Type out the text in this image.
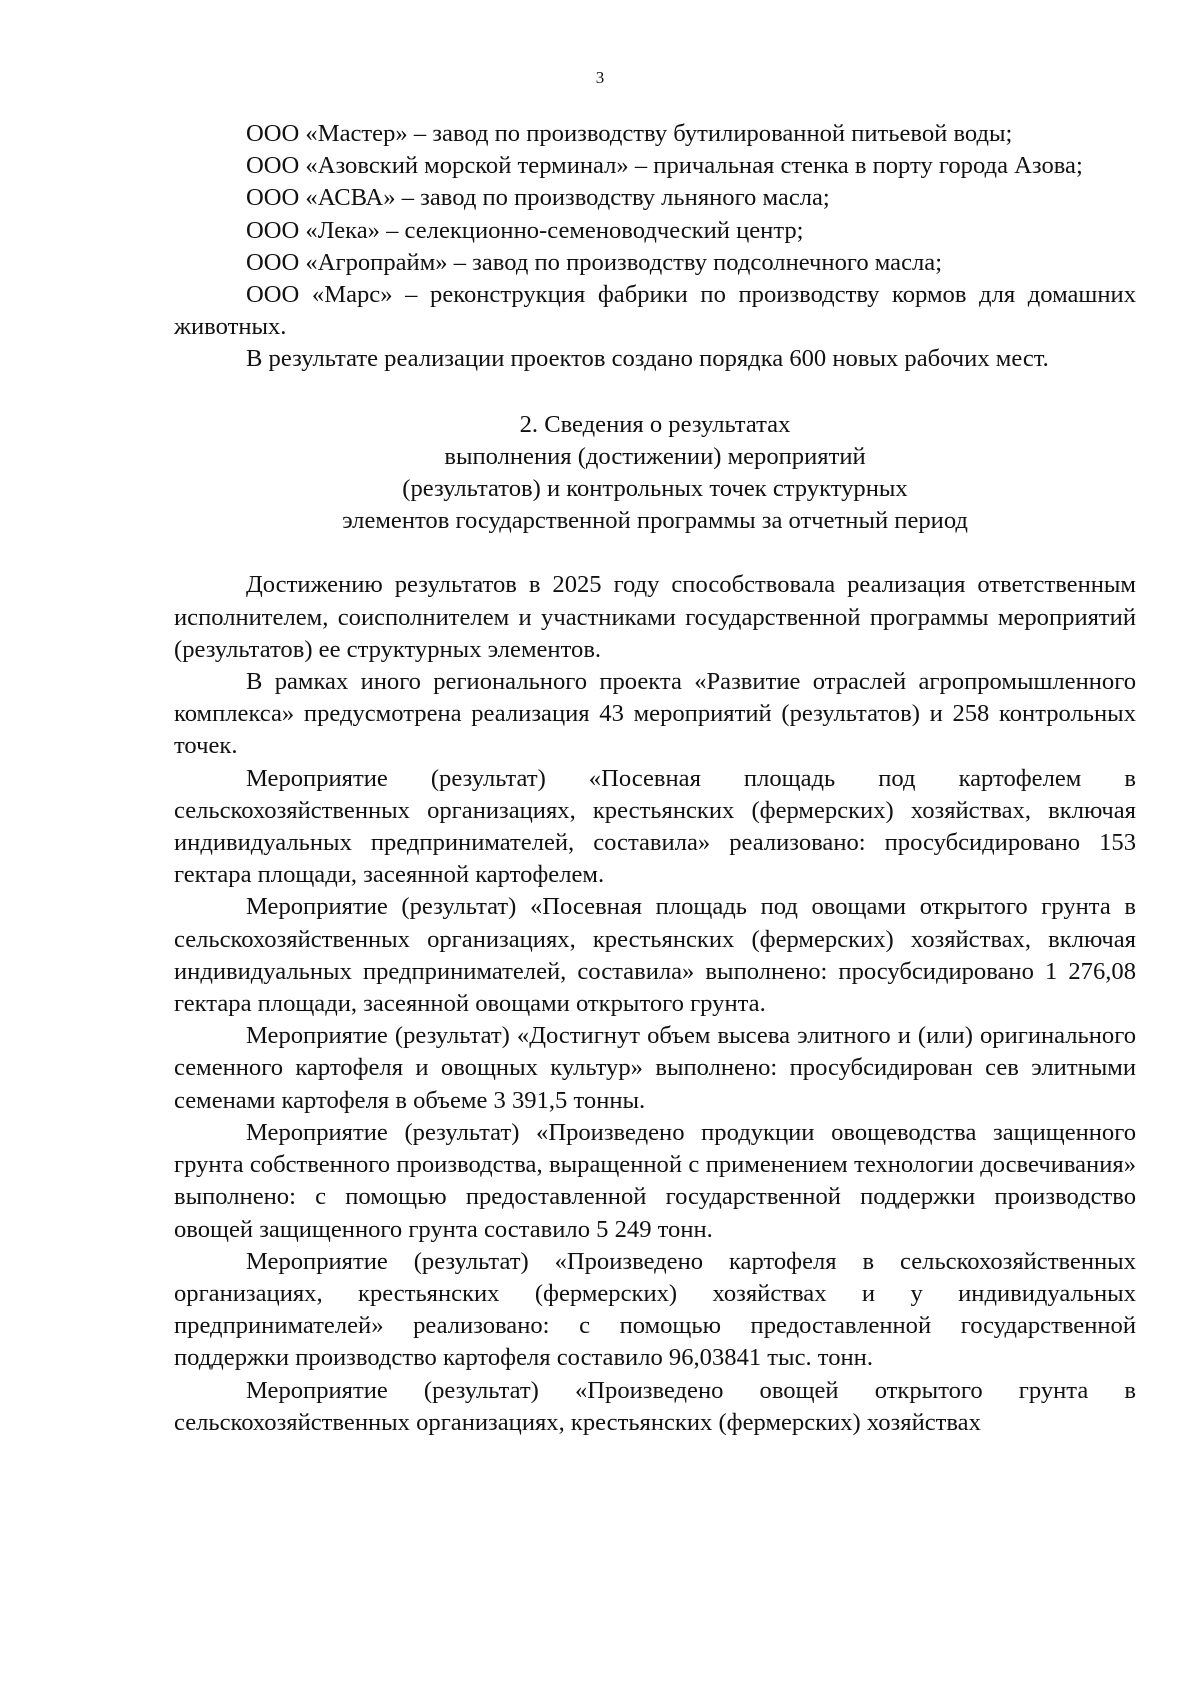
3

ООО «Мастер» – завод по производству бутилированной питьевой воды;

ООО «Азовский морской терминал» – причальная стенка в порту города Азова;

ООО «АСВА» – завод по производству льняного масла;

ООО «Лека» – селекционно-семеноводческий центр;

ООО «Агропрайм» – завод по производству подсолнечного масла;

ООО «Марс» – реконструкция фабрики по производству кормов для домашних животных.

В результате реализации проектов создано порядка 600 новых рабочих мест.

2. Сведения о результатах
выполнения (достижении) мероприятий
(результатов) и контрольных точек структурных
элементов государственной программы за отчетный период

Достижению результатов в 2025 году способствовала реализация ответственным исполнителем, соисполнителем и участниками государственной программы мероприятий (результатов) ее структурных элементов.

В рамках иного регионального проекта «Развитие отраслей агропромышленного комплекса» предусмотрена реализация 43 мероприятий (результатов) и 258 контрольных точек.

Мероприятие (результат) «Посевная площадь под картофелем в сельскохозяйственных организациях, крестьянских (фермерских) хозяйствах, включая индивидуальных предпринимателей, составила» реализовано: просубсидировано 153 гектара площади, засеянной картофелем.

Мероприятие (результат) «Посевная площадь под овощами открытого грунта в сельскохозяйственных организациях, крестьянских (фермерских) хозяйствах, включая индивидуальных предпринимателей, составила» выполнено: просубсидировано 1 276,08 гектара площади, засеянной овощами открытого грунта.

Мероприятие (результат) «Достигнут объем высева элитного и (или) оригинального семенного картофеля и овощных культур» выполнено: просубсидирован сев элитными семенами картофеля в объеме 3 391,5 тонны.

Мероприятие (результат) «Произведено продукции овощеводства защищенного грунта собственного производства, выращенной с применением технологии досвечивания» выполнено: с помощью предоставленной государственной поддержки производство овощей защищенного грунта составило 5 249 тонн.

Мероприятие (результат) «Произведено картофеля в сельскохозяйственных организациях, крестьянских (фермерских) хозяйствах и у индивидуальных предпринимателей» реализовано: с помощью предоставленной государственной поддержки производство картофеля составило 96,03841 тыс. тонн.

Мероприятие (результат) «Произведено овощей открытого грунта в сельскохозяйственных организациях, крестьянских (фермерских) хозяйствах
